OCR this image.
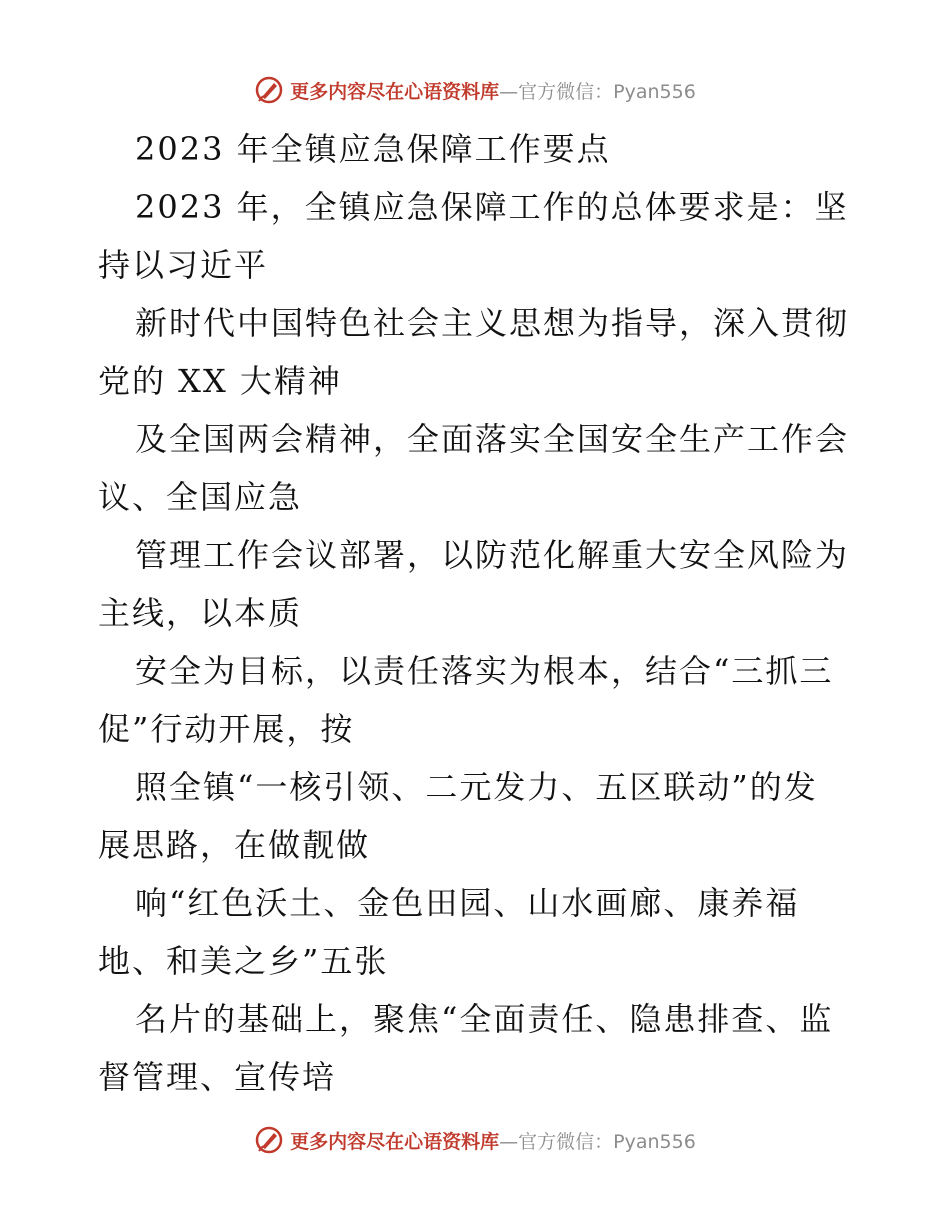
更多内容尽在心语资料库 —官方微信：Pyan556
2023 年全镇应急保障工作要点
2023 年，全镇应急保障工作的总体要求是：坚
持以习近平
新时代中国特色社会主义思想为指导，深入贯彻
党的 XX 大精神
及全国两会精神，全面落实全国安全生产工作会
议、全国应急
管理工作会议部署，以防范化解重大安全风险为
主线，以本质
安全为目标，以责任落实为根本，结合“三抓三
促”行动开展，按
照全镇“一核引领、二元发力、五区联动”的发
展思路，在做靓做
响“红色沃土、金色田园、山水画廊、康养福
地、和美之乡”五张
名片的基础上，聚焦“全面责任、隐患排查、监
督管理、宣传培
更多内容尽在心语资料库 —官方微信：Pyan556
